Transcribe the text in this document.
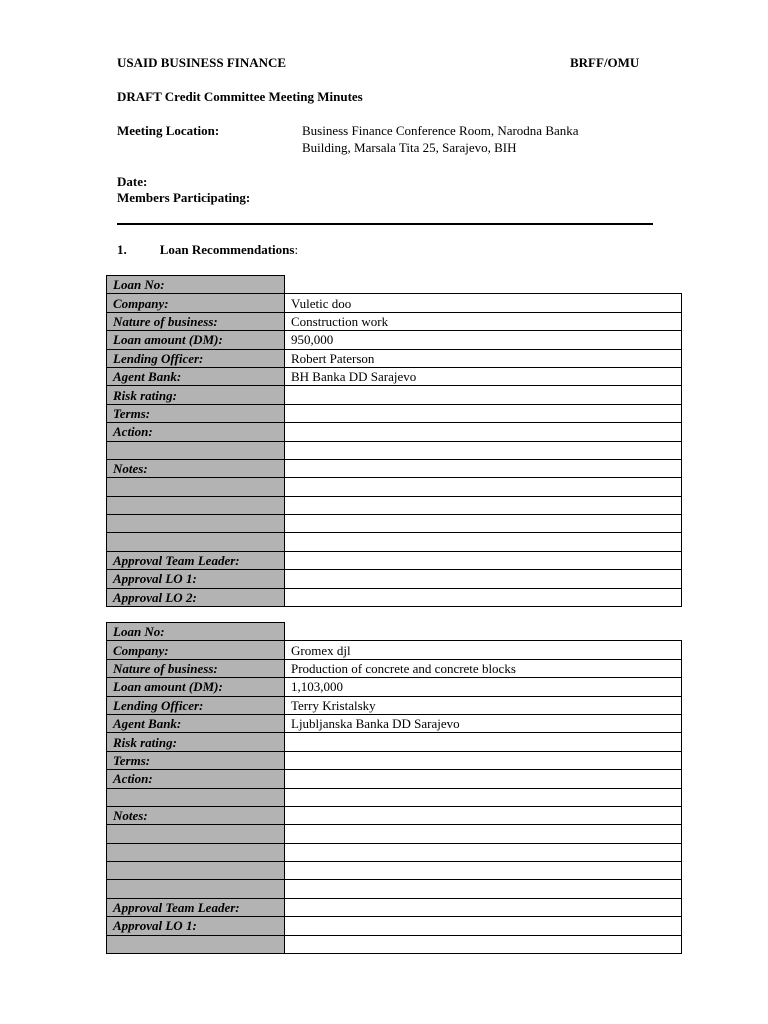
USAID BUSINESS FINANCE	BRFF/OMU
DRAFT Credit Committee Meeting Minutes
Meeting Location:	Business Finance Conference Room, Narodna Banka
Building, Marsala Tita 25, Sarajevo, BIH
Date:
Members Participating:
1.	Loan Recommendations:
Loan No:	
Company:	Vuletic doo
Nature of business:	Construction work
Loan amount (DM):	950,000
Lending Officer:	Robert Paterson
Agent Bank:	BH Banka DD Sarajevo
Risk rating:	
Terms:	
Action:	

Notes:	

Approval Team Leader:	
Approval LO 1:	
Approval LO 2:	
Loan No:	
Company:	Gromex djl
Nature of business:	Production of concrete and concrete blocks
Loan amount (DM):	1,103,000
Lending Officer:	Terry Kristalsky
Agent Bank:	Ljubljanska Banka DD Sarajevo
Risk rating:	
Terms:	
Action:	

Notes:	

Approval Team Leader:	
Approval LO 1:	
